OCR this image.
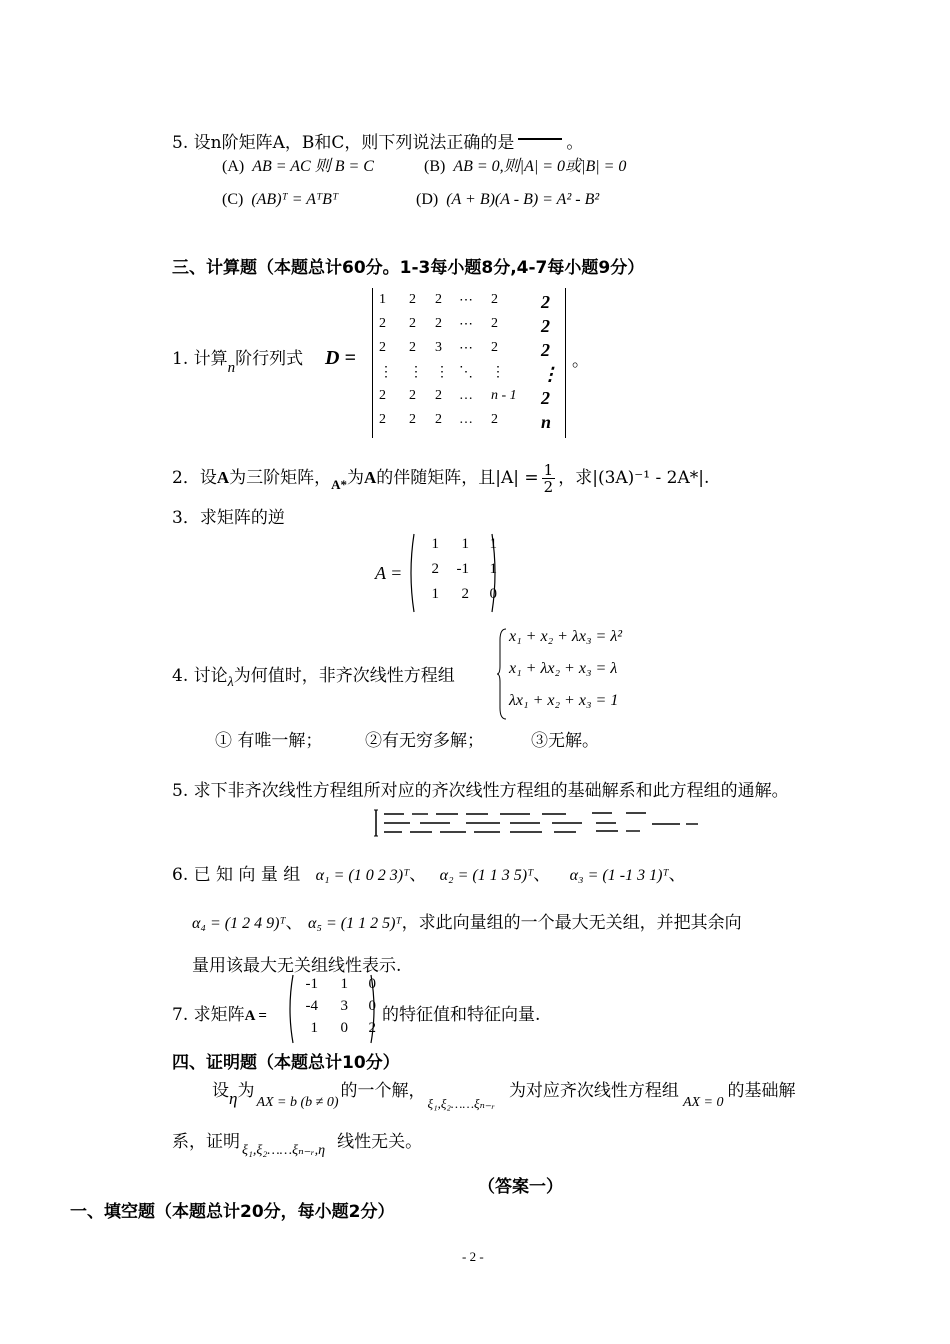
5. 设n阶矩阵A，B和C，则下列说法正确的是	。
(A) AB = AC 则 B = C	(B) AB = 0,则|A| = 0或|B| = 0
(C) (AB)ᵀ = AᵀBᵀ	(D) (A + B)(A - B) = A² - B²
三、计算题（本题总计60分。1-3每小题8分,4-7每小题9分）
1. 计算n阶行列式 D =
1 2 2 ⋯ 2 2
2 2 2 ⋯ 2 2
2 2 3 ⋯ 2 2
⋮ ⋮ ⋮ ⋱ ⋮ ⋮
2 2 2 … n - 1 2
2 2 2 … 2 n
。
2．设A为三阶矩阵，$_{A*}$为A的伴随矩阵，且$|A| = \frac{1}{2}$ ，求|(3A)⁻¹ - 2A*|.
3．求矩阵的逆
A =
1	1	1
2	-1	1
1	2	0
4. 讨论$_\lambda$为何值时，非齐次线性方程组
x₁ + x₂ + λx₃ = λ²
x₁ + λx₂ + x₃ = λ
λx₁ + x₂ + x₃ = 1
① 有唯一解；	②有无穷多解；	③无解。
5. 求下非齐次线性方程组所对应的齐次线性方程组的基础解系和此方程组的通解。
6. 已 知 向 量 组 α₁ = (1 0 2 3)ᵀ、 α₂ = (1 1 3 5)ᵀ、 α₃ = (1 -1 3 1)ᵀ、
α₄ = (1 2 4 9)ᵀ、 α₅ = (1 1 2 5)ᵀ，求此向量组的一个最大无关组，并把其余向
量用该最大无关组线性表示.
7. 求矩阵A =
-1	1	0
-4	3	0
1	0	2
的特征值和特征向量.
四、证明题（本题总计10分）
设η为$_{AX = b (b \ne 0)}$的一个解，$_{\xi_1,\xi_2\dots\dots\xi_{n-}ᵣ}$为对应齐次线性方程组$_{AX = 0}$的基础解
系，证明 $_{\xi_1,\xi_2\dots\dots\xi_{n-}ᵣ,\eta}$ 线性无关。
（答案一）
一、填空题（本题总计20分，每小题2分）
- 2 -
